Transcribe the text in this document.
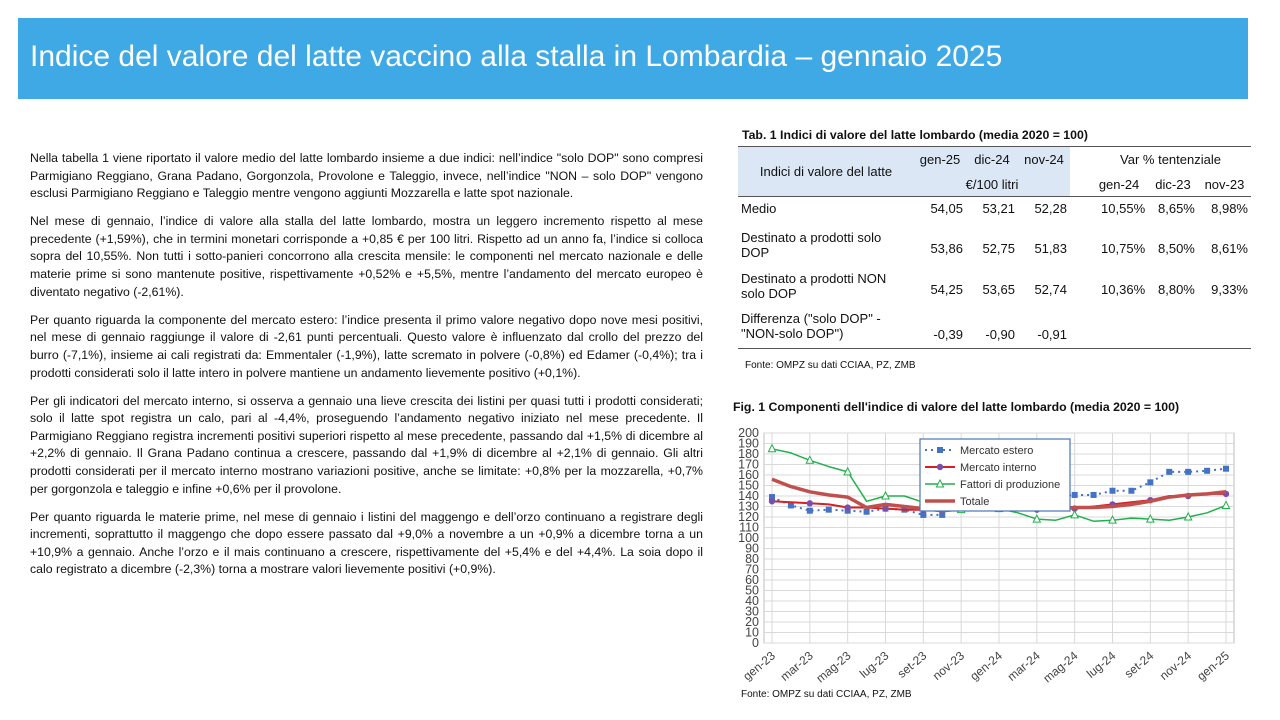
Indice del valore del latte vaccino alla stalla in Lombardia – gennaio 2025

Nella tabella 1 viene riportato il valore medio del latte lombardo insieme a due indici: nell’indice "solo DOP" sono compresi Parmigiano Reggiano, Grana Padano, Gorgonzola, Provolone e Taleggio, invece, nell’indice "NON – solo DOP" vengono esclusi Parmigiano Reggiano e Taleggio mentre vengono aggiunti Mozzarella e latte spot nazionale.

Nel mese di gennaio, l’indice di valore alla stalla del latte lombardo, mostra un leggero incremento rispetto al mese precedente (+1,59%), che in termini monetari corrisponde a +0,85 € per 100 litri. Rispetto ad un anno fa, l’indice si colloca sopra del 10,55%. Non tutti i sotto-panieri concorrono alla crescita mensile: le componenti nel mercato nazionale e delle materie prime si sono mantenute positive, rispettivamente +0,52% e +5,5%, mentre l’andamento del mercato europeo è diventato negativo (-2,61%).

Per quanto riguarda la componente del mercato estero: l’indice presenta il primo valore negativo dopo nove mesi positivi, nel mese di gennaio raggiunge il valore di -2,61 punti percentuali. Questo valore è influenzato dal crollo del prezzo del burro (-7,1%), insieme ai cali registrati da: Emmentaler (-1,9%), latte scremato in polvere (-0,8%) ed Edamer (-0,4%); tra i prodotti considerati solo il latte intero in polvere mantiene un andamento lievemente positivo (+0,1%).

Per gli indicatori del mercato interno, si osserva a gennaio una lieve crescita dei listini per quasi tutti i prodotti considerati; solo il latte spot registra un calo, pari al -4,4%, proseguendo l’andamento negativo iniziato nel mese precedente. Il Parmigiano Reggiano registra incrementi positivi superiori rispetto al mese precedente, passando dal +1,5% di dicembre al +2,2% di gennaio. Il Grana Padano continua a crescere, passando dal +1,9% di dicembre al +2,1% di gennaio. Gli altri prodotti considerati per il mercato interno mostrano variazioni positive, anche se limitate: +0,8% per la mozzarella, +0,7% per gorgonzola e taleggio e infine +0,6% per il provolone.

Per quanto riguarda le materie prime, nel mese di gennaio i listini del maggengo e dell’orzo continuano a registrare degli incrementi, soprattutto il maggengo che dopo essere passato dal +9,0% a novembre a un +0,9% a dicembre torna a un +10,9% a gennaio. Anche l’orzo e il mais continuano a crescere, rispettivamente del +5,4% e del +4,4%. La soia dopo il calo registrato a dicembre (-2,3%) torna a mostrare valori lievemente positivi (+0,9%).

Tab. 1 Indici di valore del latte lombardo (media 2020 = 100)
Indici di valore del latte	gen-25	dic-24	nov-24		Var % tentenziale		
	€/100 litri				gen-24	dic-23	nov-23
Medio	54,05	53,21	52,28		10,55%	8,65%	8,98%
Destinato a prodotti solo DOP	53,86	52,75	51,83		10,75%	8,50%	8,61%
Destinato a prodotti NON solo DOP	54,25	53,65	52,74		10,36%	8,80%	9,33%
Differenza ("solo DOP" - "NON-solo DOP")	-0,39	-0,90	-0,91				
Fonte: OMPZ su dati CCIAA, PZ, ZMB
Fig. 1 Componenti dell'indice di valore del latte lombardo (media 2020 = 100)
0
10
20
30
40
50
60
70
80
90
100
110
120
130
140
150
160
170
180
190
200
gen-23 mar-23
mag-23 lug-23 set-23 nov-23 gen-24 mar-24
mag-24 lug-24 set-24 nov-24 gen-25
Mercato estero
Mercato interno
Fattori di produzione
Totale
Fonte: OMPZ su dati CCIAA, PZ, ZMB
